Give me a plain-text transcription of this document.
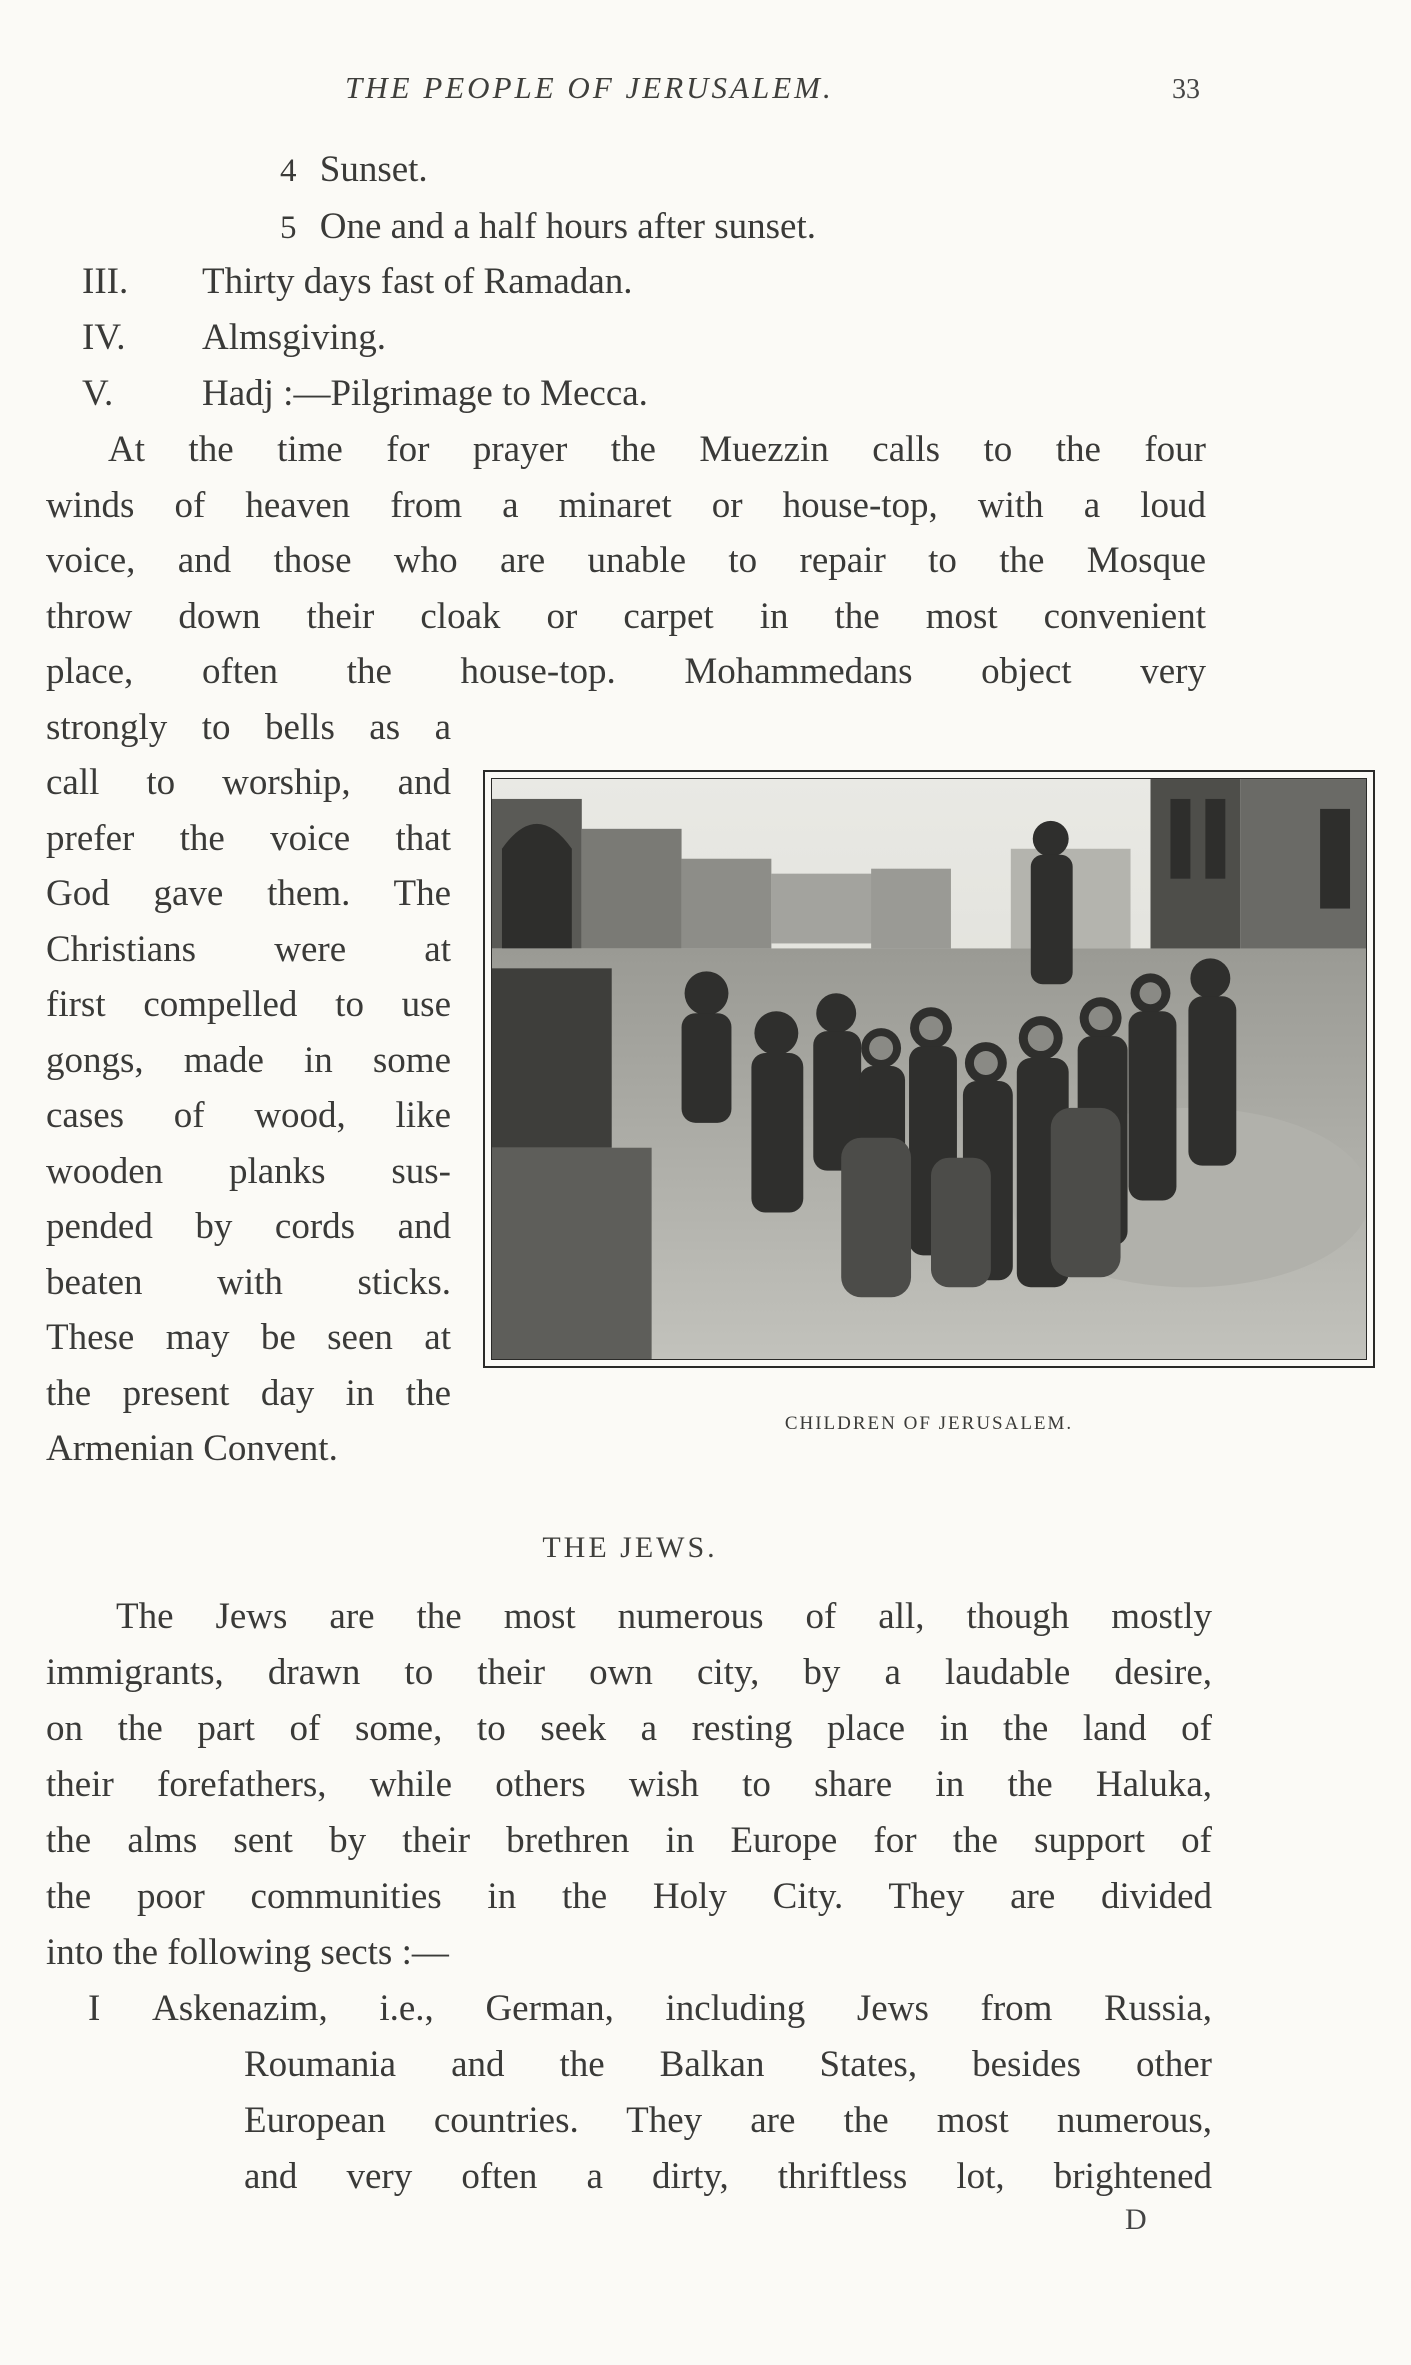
THE PEOPLE OF JERUSALEM.	33
4 Sunset.
5 One and a half hours after sunset.
III. Thirty days fast of Ramadan.
IV. Almsgiving.
V. Hadj :—Pilgrimage to Mecca.
At the time for prayer the Muezzin calls to the four
winds of heaven from a minaret or house-top, with a loud
voice, and those who are unable to repair to the Mosque
throw down their cloak or carpet in the most convenient
place, often the house-top. Mohammedans object very
strongly to bells as a
call to worship, and
prefer the voice that
God gave them. The
Christians were at
first compelled to use
gongs, made in some
cases of wood, like
wooden planks sus-
pended by cords and
beaten with sticks.
These may be seen at
the present day in the
Armenian Convent.
CHILDREN OF JERUSALEM.
THE JEWS.
The Jews are the most numerous of all, though mostly
immigrants, drawn to their own city, by a laudable desire,
on the part of some, to seek a resting place in the land of
their forefathers, while others wish to share in the Haluka,
the alms sent by their brethren in Europe for the support of
the poor communities in the Holy City. They are divided
into the following sects :—
I Askenazim, i.e., German, including Jews from Russia,
Roumania and the Balkan States, besides other
European countries. They are the most numerous,
and very often a dirty, thriftless lot, brightened
D
